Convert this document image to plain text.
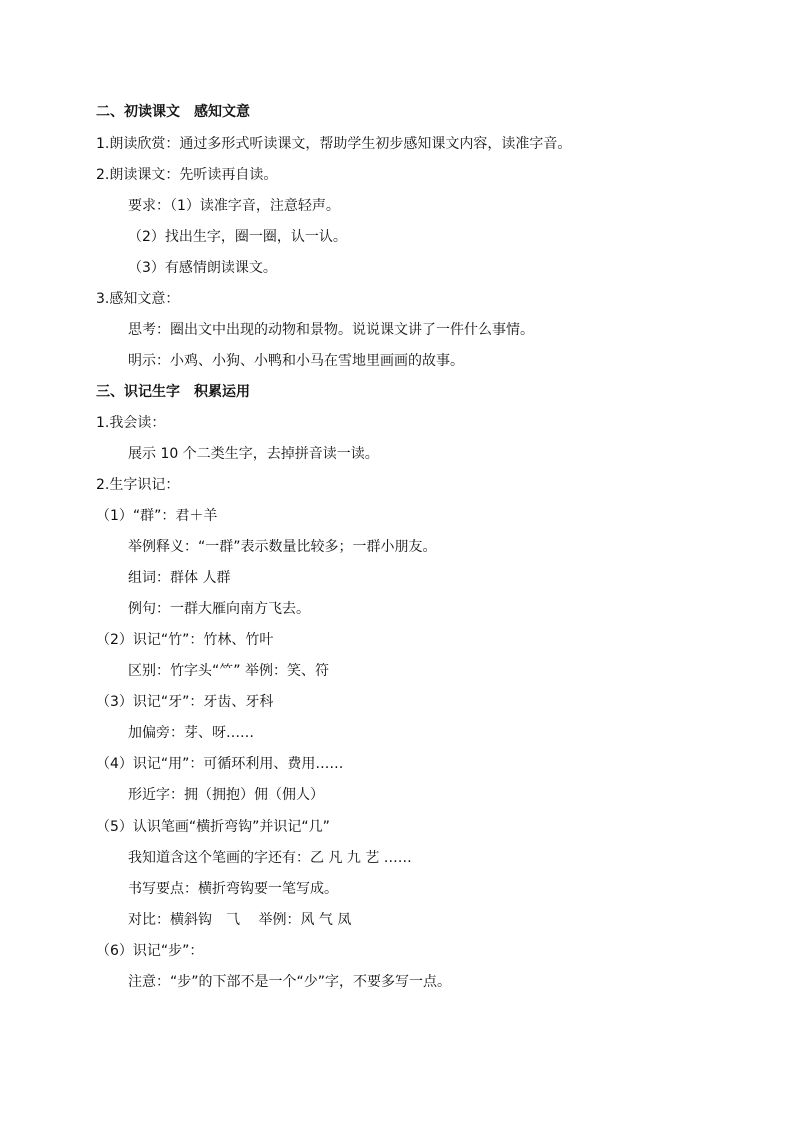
二、初读课文　感知文意
1.朗读欣赏：通过多形式听读课文，帮助学生初步感知课文内容，读准字音。
2.朗读课文：先听读再自读。
要求：（1）读准字音，注意轻声。
（2）找出生字，圈一圈，认一认。
（3）有感情朗读课文。
3.感知文意：
思考：圈出文中出现的动物和景物。说说课文讲了一件什么事情。
明示：小鸡、小狗、小鸭和小马在雪地里画画的故事。
三、识记生字　积累运用
1.我会读：
展示 10 个二类生字，去掉拼音读一读。
2.生字识记：
（1）“群”：君＋羊
举例释义：“一群”表示数量比较多；一群小朋友。
组词：群体 人群
例句：一群大雁向南方飞去。
（2）识记“竹”：竹林、竹叶
区别：竹字头“⺮” 举例：笑、符
（3）识记“牙”：牙齿、牙科
加偏旁：芽、呀……
（4）识记“用”：可循环利用、费用……
形近字：拥（拥抱）佣（佣人）
（5）认识笔画“横折弯钩”并识记“几”
我知道含这个笔画的字还有：乙 凡 九 艺 ……
书写要点：横折弯钩要一笔写成。
对比：横斜钩　⺄　 举例：风 气 凤
（6）识记“步”：
注意：“步”的下部不是一个“少”字，不要多写一点。
